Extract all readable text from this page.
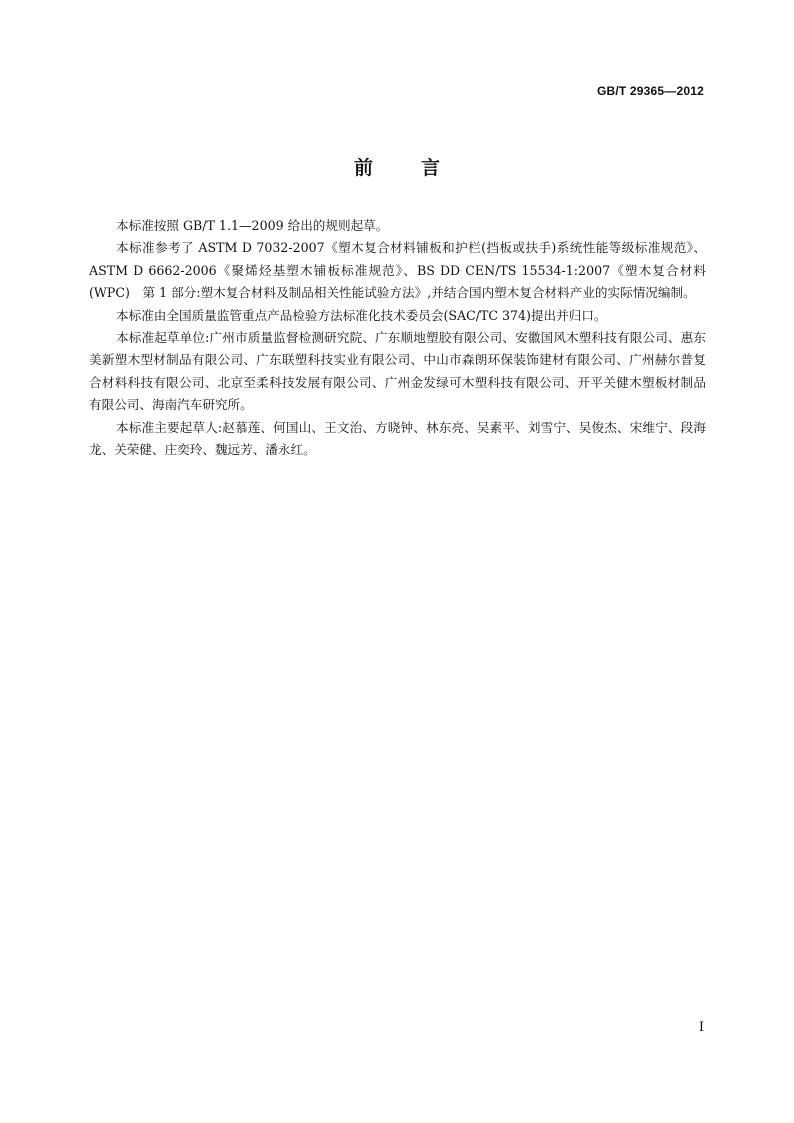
GB/T 29365—2012
前	言

本标准按照 GB/T 1.1—2009 给出的规则起草。

本标准参考了 ASTM D 7032-2007《塑木复合材料铺板和护栏(挡板或扶手)系统性能等级标准规范》、ASTM D 6662-2006《聚烯烃基塑木铺板标准规范》、BS DD CEN/TS 15534-1:2007《塑木复合材料(WPC)　第 1 部分:塑木复合材料及制品相关性能试验方法》,并结合国内塑木复合材料产业的实际情况编制。

本标准由全国质量监管重点产品检验方法标准化技术委员会(SAC/TC 374)提出并归口。

本标准起草单位:广州市质量监督检测研究院、广东顺地塑胶有限公司、安徽国风木塑科技有限公司、惠东美新塑木型材制品有限公司、广东联塑科技实业有限公司、中山市森朗环保装饰建材有限公司、广州赫尔普复合材料科技有限公司、北京至柔科技发展有限公司、广州金发绿可木塑科技有限公司、开平关健木塑板材制品有限公司、海南汽车研究所。

本标准主要起草人:赵慕莲、何国山、王文治、方晓钟、林东亮、吴素平、刘雪宁、吴俊杰、宋维宁、段海龙、关荣健、庄奕玲、魏远芳、潘永红。

I
